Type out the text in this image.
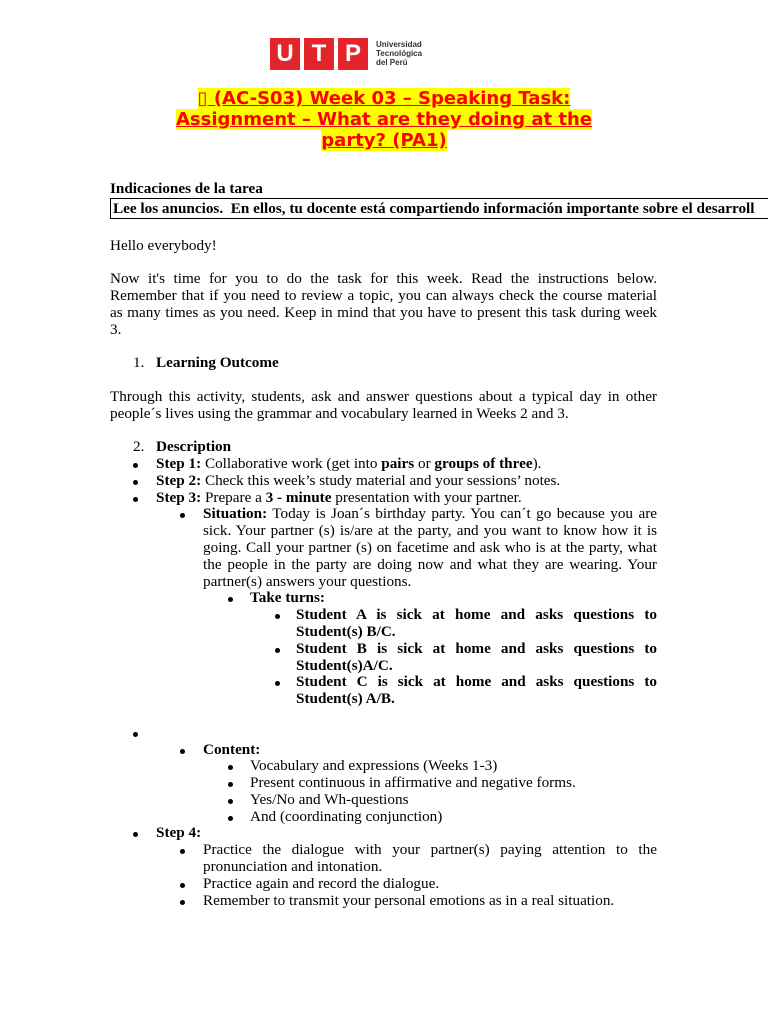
U T P	Universidad
Tecnológica
del Perú
▯ (AC-S03) Week 03 – Speaking Task:
Assignment – What are they doing at the
party? (PA1)
Indicaciones de la tarea
Lee los anuncios.  En ellos, tu docente está compartiendo información importante sobre el desarroll
Hello everybody!
Now it's time for you to do the task for this week. Read the instructions below.
Remember that if you need to review a topic, you can always check the course material
as many times as you need. Keep in mind that you have to present this task during week
3.
1. Learning Outcome
Through this activity, students, ask and answer questions about a typical day in other
people´s lives using the grammar and vocabulary learned in Weeks 2 and 3.
2. Description
Step 1: Collaborative work (get into pairs or groups of three).
Step 2: Check this week’s study material and your sessions’ notes.
Step 3: Prepare a 3 - minute presentation with your partner.
Situation: Today is Joan´s birthday party. You can´t go because you are
sick. Your partner (s) is/are at the party, and you want to know how it is
going. Call your partner (s) on facetime and ask who is at the party, what
the people in the party are doing now and what they are wearing. Your
partner(s) answers your questions.
Take turns:
Student A is sick at home and asks questions to
Student(s) B/C.
Student B is sick at home and asks questions to
Student(s)A/C.
Student C is sick at home and asks questions to
Student(s) A/B.
Content:
Vocabulary and expressions (Weeks 1-3)
Present continuous in affirmative and negative forms.
Yes/No and Wh-questions
And (coordinating conjunction)
Step 4:
Practice the dialogue with your partner(s) paying attention to the
pronunciation and intonation.
Practice again and record the dialogue.
Remember to transmit your personal emotions as in a real situation.
